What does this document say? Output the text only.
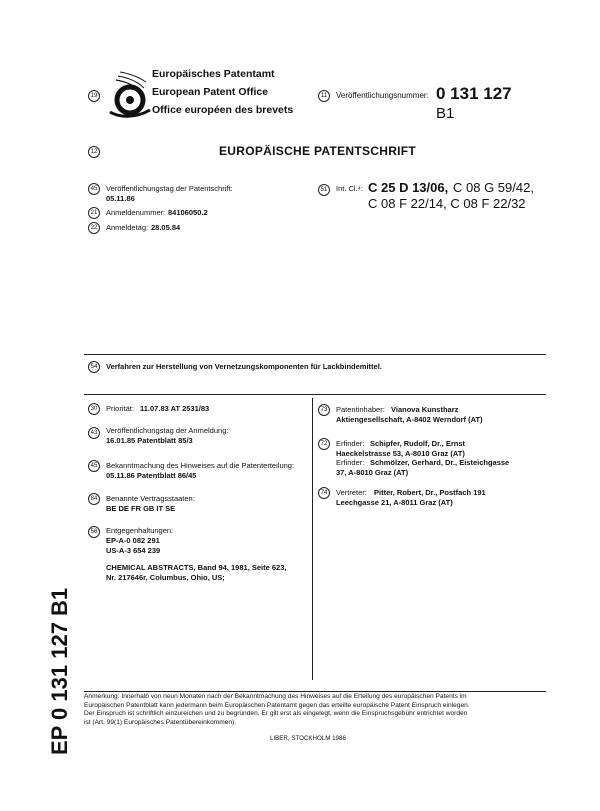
19
Europäisches Patentamt
European Patent Office
Office européen des brevets
11	Veröffentlichungsnummer: 0 131 127
B1
12	EUROPÄISCHE PATENTSCHRIFT
45	Veröffentlichungstag der Patentschrift:
05.11.86
21	Anmeldenummer: 84106050.2
22	Anmeldetag: 28.05.84
51	Int. Cl.⁴: C 25 D 13/06, C 08 G 59/42,
C 08 F 22/14, C 08 F 22/32
54	Verfahren zur Herstellung von Vernetzungskomponenten für Lackbindemittel.
30	Priorität: 11.07.83 AT 2531/83
43	Veröffentlichungstag der Anmeldung:
16.01.85 Patentblatt 85/3
45	Bekanntmachung des Hinweises auf die Patenterteilung:
05.11.86 Patentblatt 86/45
84	Benannte Vertragsstaaten:
BE DE FR GB IT SE
56	Entgegenhaltungen:
EP-A-0 082 291
US-A-3 654 239
CHEMICAL ABSTRACTS, Band 94, 1981, Seite 623,
Nr. 217646r, Columbus, Ohio, US;
73	Patentinhaber: Vianova Kunstharz
Aktiengesellschaft, A-8402 Werndorf (AT)
72	Erfinder: Schipfer, Rudolf, Dr., Ernst
Haeckelstrasse 53, A-8010 Graz (AT)
Erfinder: Schmölzer, Gerhard, Dr., Eisteichgasse
37, A-8010 Graz (AT)
74	Vertreter: Pitter, Robert, Dr., Postfach 191
Leechgasse 21, A-8011 Graz (AT)
EP 0 131 127 B1 Anmerkung: Innerhalb von neun Monaten nach der Bekanntmachung des Hinweises auf die Erteilung des europäischen Patents im
Europäischen Patentblatt kann jedermann beim Europäischen Patentamt gegen das erteilte europäische Patent Einspruch einlegen.
Der Einspruch ist schriftlich einzureichen und zu begründen. Er gilt erst als eingelegt, wenn die Einspruchsgebühr entrichtet worden
ist (Art. 99(1) Europäisches Patentübereinkommen).
LIBER, STOCKHOLM 1986
